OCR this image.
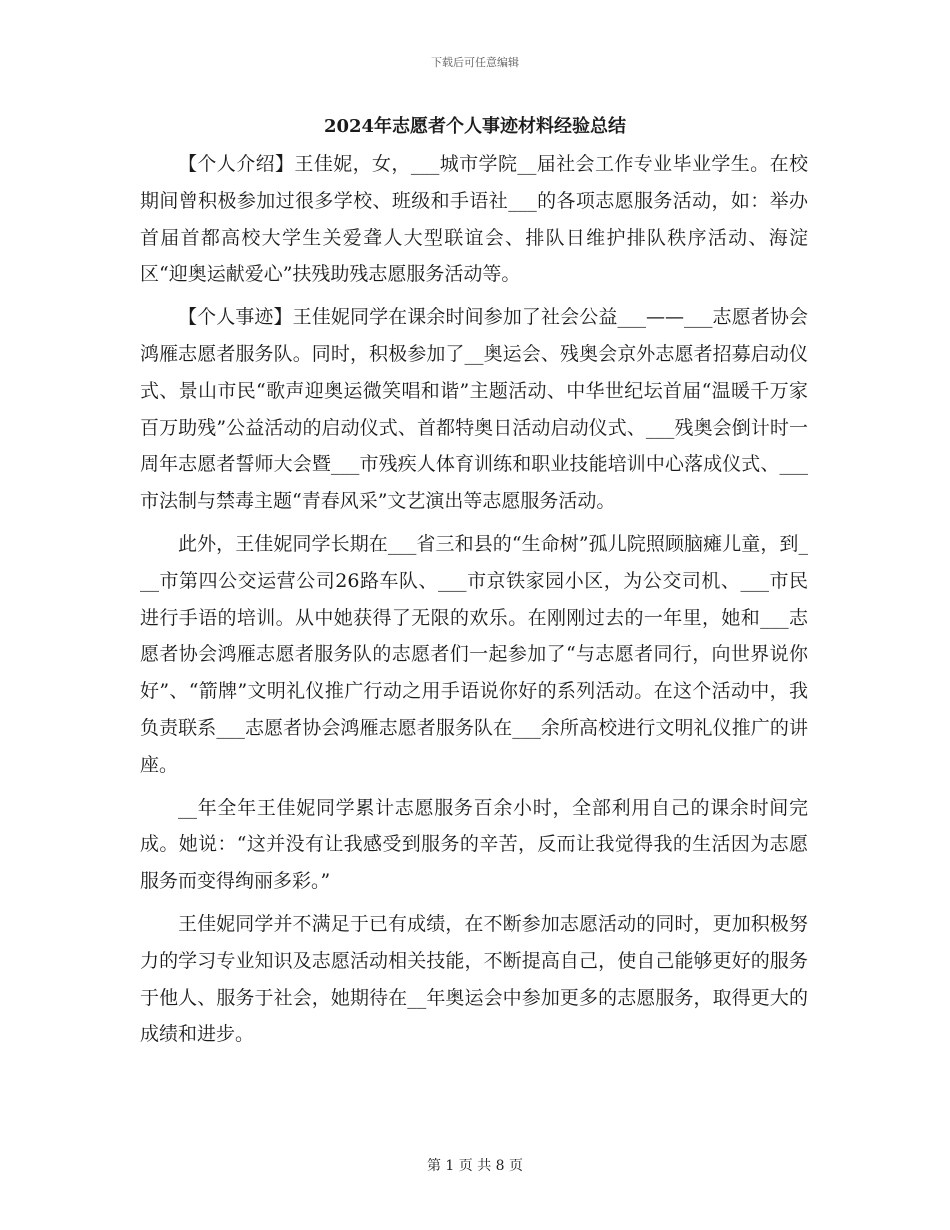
下载后可任意编辑
2024年志愿者个人事迹材料经验总结

【个人介绍】王佳妮，女，___城市学院__届社会工作专业毕业学生。在校期间曾积极参加过很多学校、班级和手语社___的各项志愿服务活动，如：举办首届首都高校大学生关爱聋人大型联谊会、排队日维护排队秩序活动、海淀区“迎奥运献爱心”扶残助残志愿服务活动等。

【个人事迹】王佳妮同学在课余时间参加了社会公益___——___志愿者协会鸿雁志愿者服务队。同时，积极参加了__奥运会、残奥会京外志愿者招募启动仪式、景山市民“歌声迎奥运微笑唱和谐”主题活动、中华世纪坛首届“温暖千万家百万助残”公益活动的启动仪式、首都特奥日活动启动仪式、___残奥会倒计时一周年志愿者誓师大会暨___市残疾人体育训练和职业技能培训中心落成仪式、___市法制与禁毒主题“青春风采”文艺演出等志愿服务活动。

此外，王佳妮同学长期在___省三和县的“生命树”孤儿院照顾脑瘫儿童，到___市第四公交运营公司26路车队、___市京铁家园小区，为公交司机、___市民进行手语的培训。从中她获得了无限的欢乐。在刚刚过去的一年里，她和___志愿者协会鸿雁志愿者服务队的志愿者们一起参加了“与志愿者同行，向世界说你好”、“箭牌”文明礼仪推广行动之用手语说你好的系列活动。在这个活动中，我负责联系___志愿者协会鸿雁志愿者服务队在___余所高校进行文明礼仪推广的讲座。

__年全年王佳妮同学累计志愿服务百余小时，全部利用自己的课余时间完成。她说：“这并没有让我感受到服务的辛苦，反而让我觉得我的生活因为志愿服务而变得绚丽多彩。”

王佳妮同学并不满足于已有成绩，在不断参加志愿活动的同时，更加积极努力的学习专业知识及志愿活动相关技能，不断提高自己，使自己能够更好的服务于他人、服务于社会，她期待在__年奥运会中参加更多的志愿服务，取得更大的成绩和进步。

第 1 页 共 8 页
